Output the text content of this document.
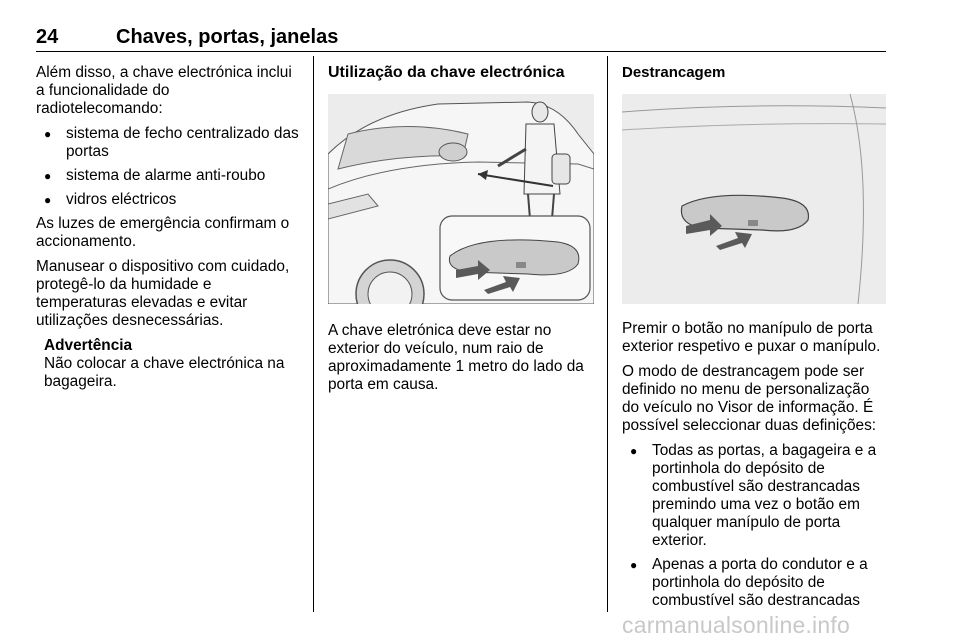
24	Chaves, portas, janelas

Além disso, a chave electrónica inclui a funcionalidade do radiotelecomando:

● sistema de fecho centralizado das portas
● sistema de alarme anti-roubo
● vidros eléctricos

As luzes de emergência confirmam o accionamento.

Manusear o dispositivo com cuidado, protegê-lo da humidade e temperaturas elevadas e evitar utilizações desnecessárias.

Advertência
Não colocar a chave electrónica na bagageira.
Utilização da chave electrónica

A chave eletrónica deve estar no exterior do veículo, num raio de aproximadamente 1 metro do lado da porta em causa.

Destrancagem

Premir o botão no manípulo de porta exterior respetivo e puxar o manípulo.

O modo de destrancagem pode ser definido no menu de personalização do veículo no Visor de informação. É possível seleccionar duas definições:

● Todas as portas, a bagageira e a portinhola do depósito de combustível são destrancadas premindo uma vez o botão em qualquer manípulo de porta exterior.
● Apenas a porta do condutor e a portinhola do depósito de combustível são destrancadas
carmanualsonline.info
